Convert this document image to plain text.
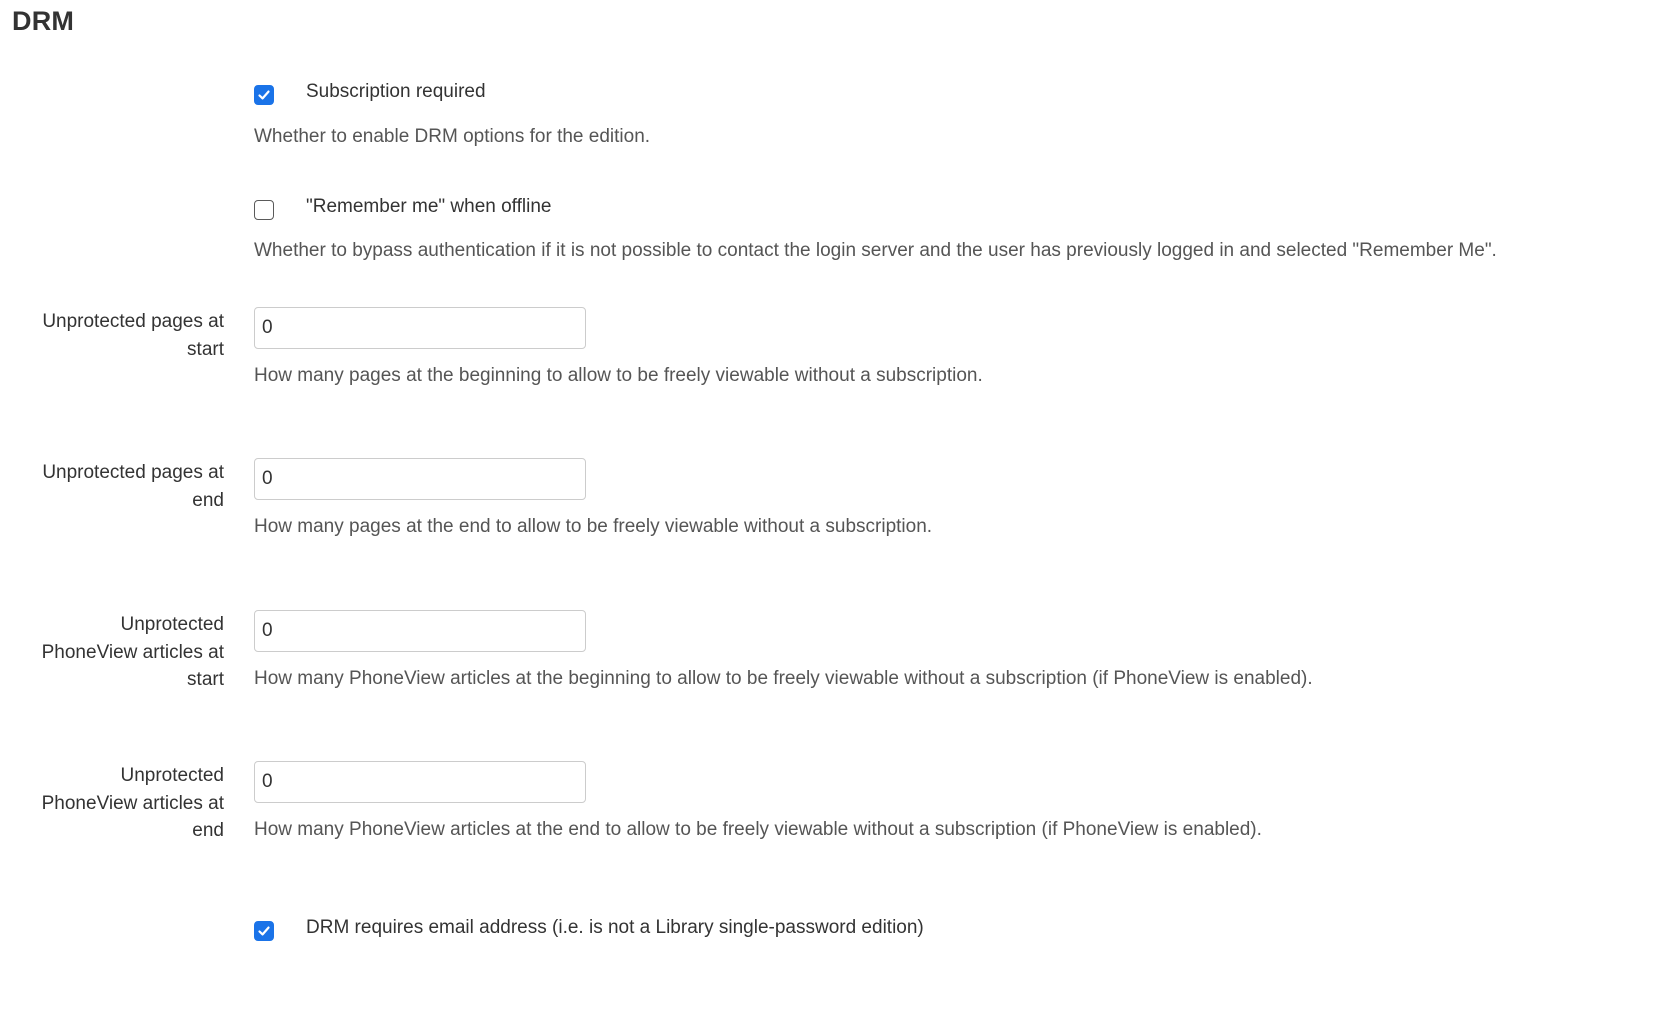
DRM
Subscription required
Whether to enable DRM options for the edition.
"Remember me" when offline
Whether to bypass authentication if it is not possible to contact the login server and the user has previously logged in and selected "Remember Me".
Unprotected pages at
start
0
How many pages at the beginning to allow to be freely viewable without a subscription.
Unprotected pages at
end
0
How many pages at the end to allow to be freely viewable without a subscription.
Unprotected
PhoneView articles at
start
0 How many PhoneView articles at the beginning to allow to be freely viewable without a subscription (if PhoneView is enabled).
Unprotected
PhoneView articles at
end
0 How many PhoneView articles at the end to allow to be freely viewable without a subscription (if PhoneView is enabled).
DRM requires email address (i.e. is not a Library single-password edition)
